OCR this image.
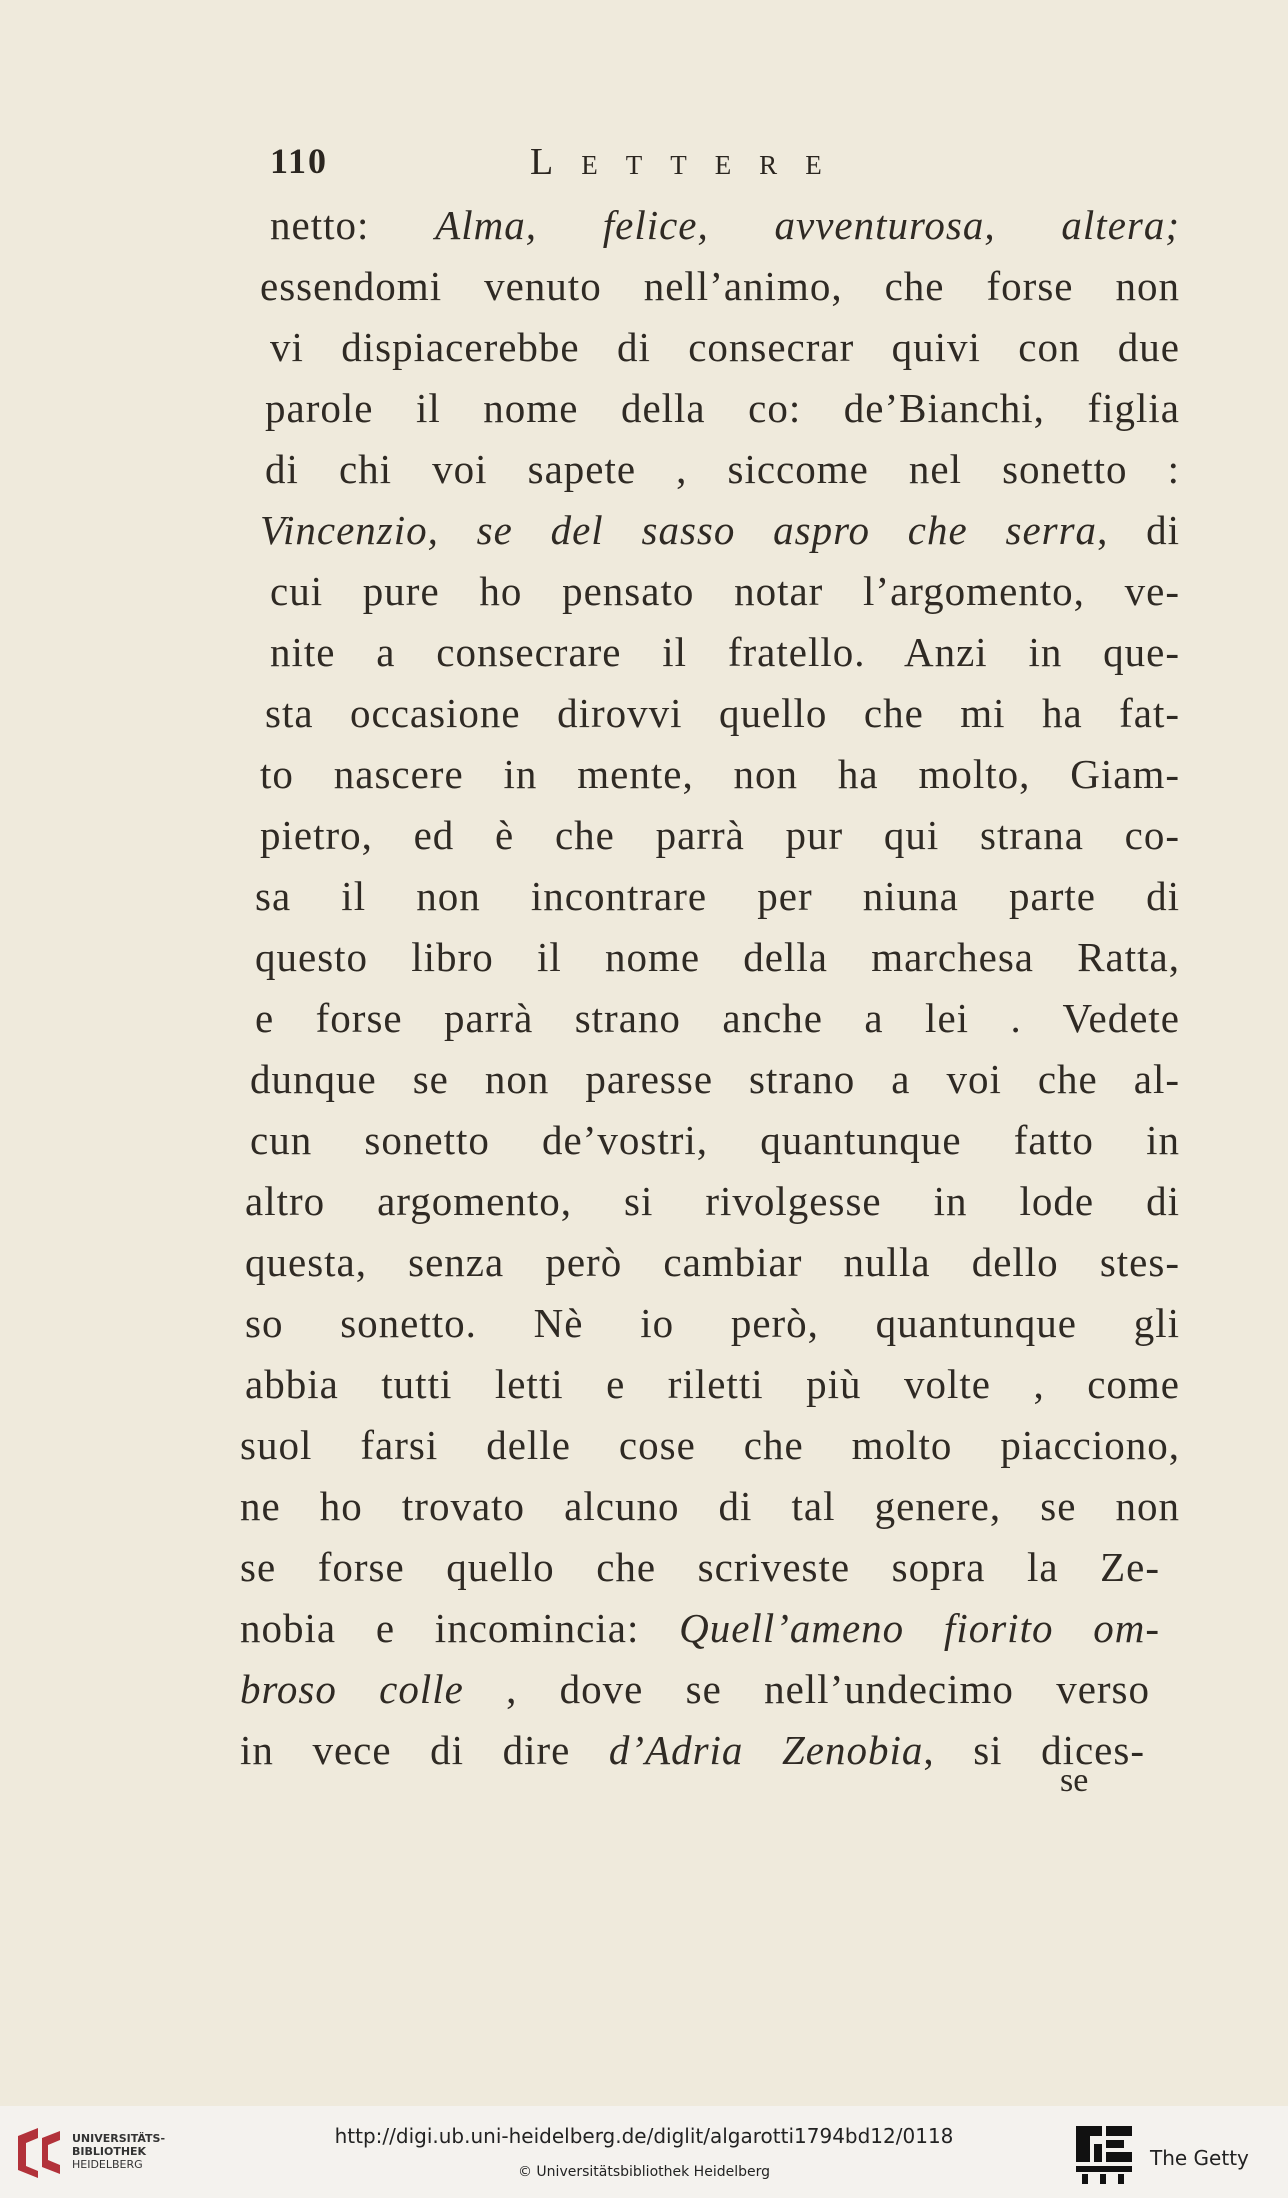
110	Lettere
netto: Alma, felice, avventurosa, altera;
essendomi venuto nell’animo, che forse non
vi dispiacerebbe di consecrar quivi con due
parole il nome della co: de’Bianchi, figlia
di chi voi sapete , siccome nel sonetto :
Vincenzio, se del sasso aspro che serra, di
cui pure ho pensato notar l’argomento, ve-
nite a consecrare il fratello. Anzi in que-
sta occasione dirovvi quello che mi ha fat-
to nascere in mente, non ha molto, Giam-
pietro, ed è che parrà pur qui strana co-
sa il non incontrare per niuna parte di
questo libro il nome della marchesa Ratta,
e forse parrà strano anche a lei . Vedete
dunque se non paresse strano a voi che al-
cun sonetto de’vostri, quantunque fatto in
altro argomento, si rivolgesse in lode di
questa, senza però cambiar nulla dello stes-
so sonetto. Nè io però, quantunque gli
abbia tutti letti e riletti più volte , come
suol farsi delle cose che molto piacciono,
ne ho trovato alcuno di tal genere, se non
se forse quello che scriveste sopra la Ze-
nobia e incomincia: Quell’ameno fiorito om-
broso colle , dove se nell’undecimo verso
in vece di dire d’Adria Zenobia, si dices-
se
UNIVERSITÄTS-
BIBLIOTHEK
HEIDELBERG
http://digi.ub.uni-heidelberg.de/diglit/algarotti1794bd12/0118
© Universitätsbibliothek Heidelberg
The Getty
